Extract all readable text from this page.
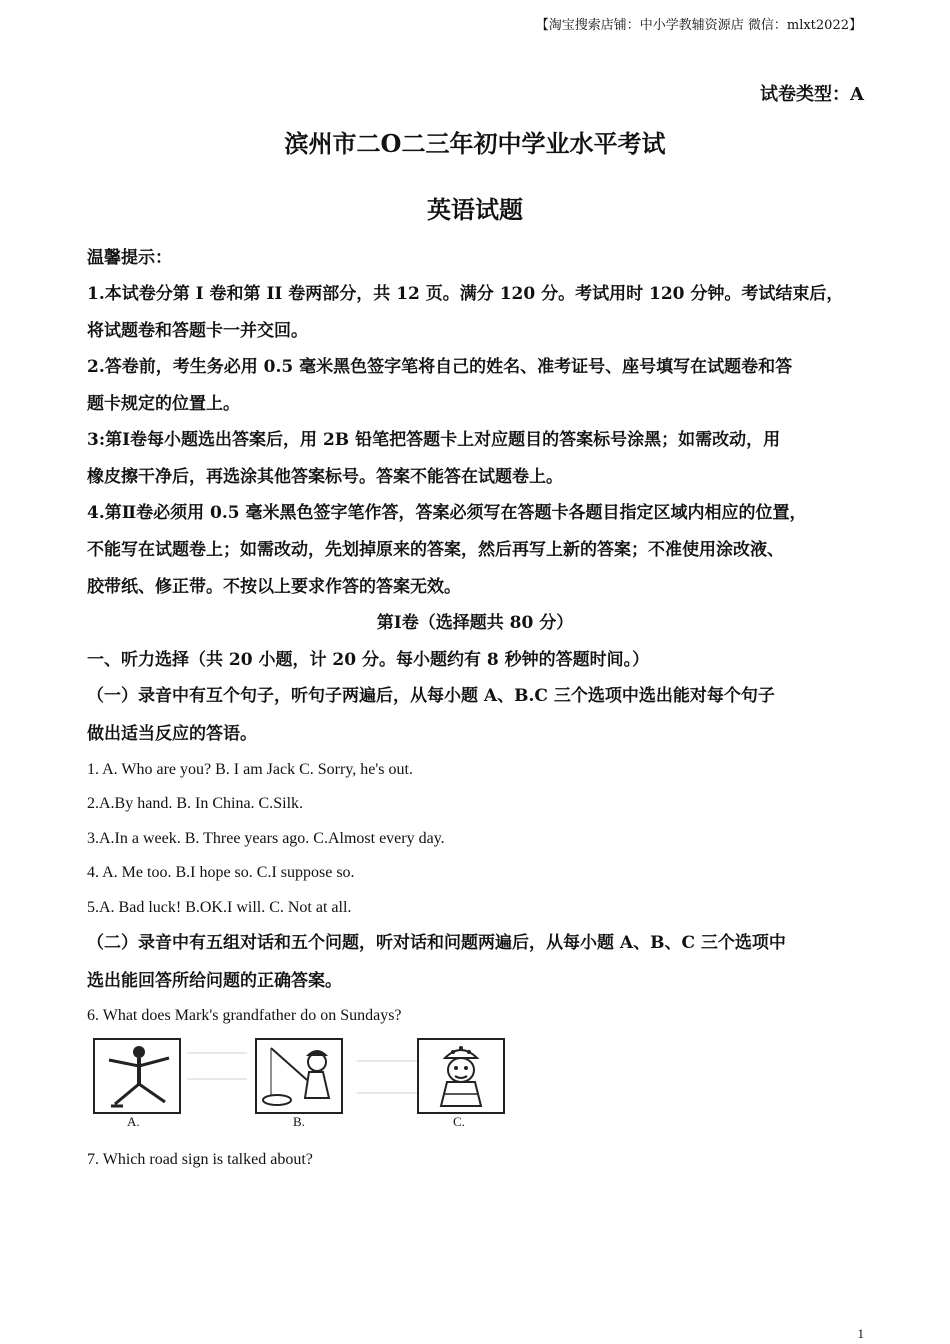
【淘宝搜索店铺：中小学教辅资源店 微信：mlxt2022】
试卷类型：A
滨州市二O二三年初中学业水平考试
英语试题
温馨提示：
1.本试卷分第 I 卷和第 II 卷两部分，共 12 页。满分 120 分。考试用时 120 分钟。考试结束后，
将试题卷和答题卡一并交回。
2.答卷前，考生务必用 0.5 毫米黑色签字笔将自己的姓名、准考证号、座号填写在试题卷和答
题卡规定的位置上。
3:第Ⅰ卷每小题选出答案后，用 2B 铅笔把答题卡上对应题目的答案标号涂黑；如需改动，用
橡皮擦干净后，再选涂其他答案标号。答案不能答在试题卷上。
4.第Ⅱ卷必须用 0.5 毫米黑色签字笔作答，答案必须写在答题卡各题目指定区域内相应的位置，
不能写在试题卷上；如需改动，先划掉原来的答案，然后再写上新的答案；不准使用涂改液、
胶带纸、修正带。不按以上要求作答的答案无效。
第Ⅰ卷（选择题共 80 分）
一、听力选择（共 20 小题，计 20 分。每小题约有 8 秒钟的答题时间。）
（一）录音中有互个句子，听句子两遍后，从每小题 A、B.C 三个选项中选出能对每个句子
做出适当反应的答语。
1. A. Who are you? B. I am Jack C. Sorry, he's out.
2.A.By hand. B. In China. C.Silk.
3.A.In a week. B. Three years ago. C.Almost every day.
4. A. Me too. B.I hope so. C.I suppose so.
5.A. Bad luck! B.OK.I will. C. Not at all.
（二）录音中有五组对话和五个问题，听对话和问题两遍后，从每小题 A、B、C 三个选项中
选出能回答所给问题的正确答案。
6. What does Mark's grandfather do on Sundays?
A.	B.	C.
7. Which road sign is talked about?
1
